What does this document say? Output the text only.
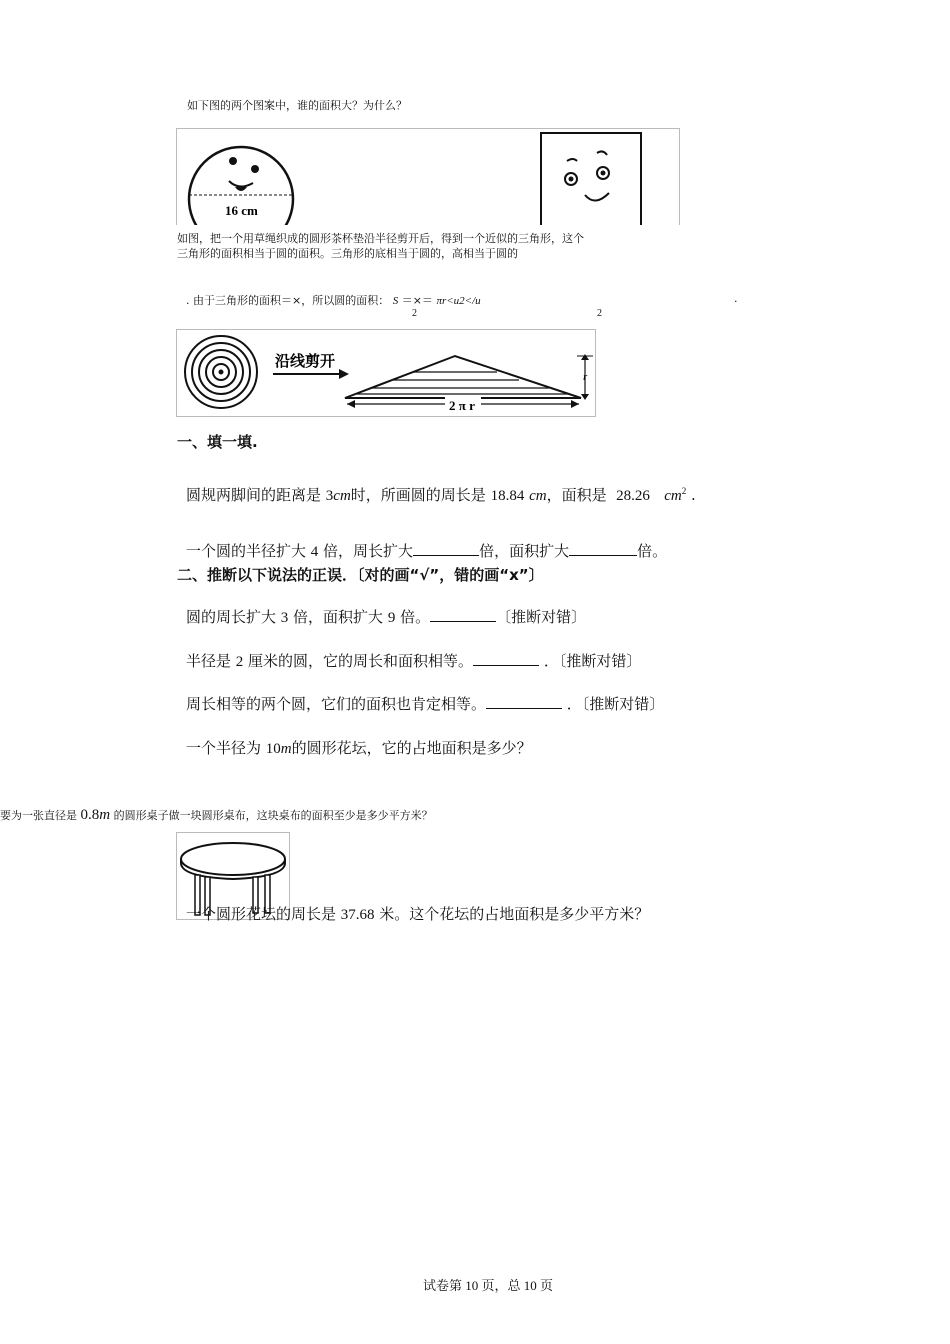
如下图的两个图案中，谁的面积大？为什么？
16 cm
如图，把一个用草绳织成的圆形茶杯垫沿半径剪开后，得到一个近似的三角形，这个
三角形的面积相当于圆的面积。三角形的底相当于圆的，高相当于圆的
. 由于三角形的面积＝×，所以圆的面积： S ＝×＝ πr<u2</u	.
2	2
沿线剪开
r
2 π r
一、填一填.
圆规两脚间的距离是 3cm时，所画圆的周长是 18.84 cm，面积是  28.26 $cm^2$ .
一个圆的半径扩大 4 倍，周长扩大	倍，面积扩大	倍。
二、推断以下说法的正误．〔对的画“√”，错的画“x”〕
圆的周长扩大 3 倍，面积扩大 9 倍。	〔推断对错〕
半径是 2 厘米的圆，它的周长和面积相等。	．〔推断对错〕
周长相等的两个圆，它们的面积也肯定相等。	．〔推断对错〕
一个半径为 10m的圆形花坛，它的占地面积是多少？
要为一张直径是 0.8m 的圆形桌子做一块圆形桌布，这块桌布的面积至少是多少平方米？
一个圆形花坛的周长是 37.68 米。这个花坛的占地面积是多少平方米？
试卷第 10 页，总 10 页
